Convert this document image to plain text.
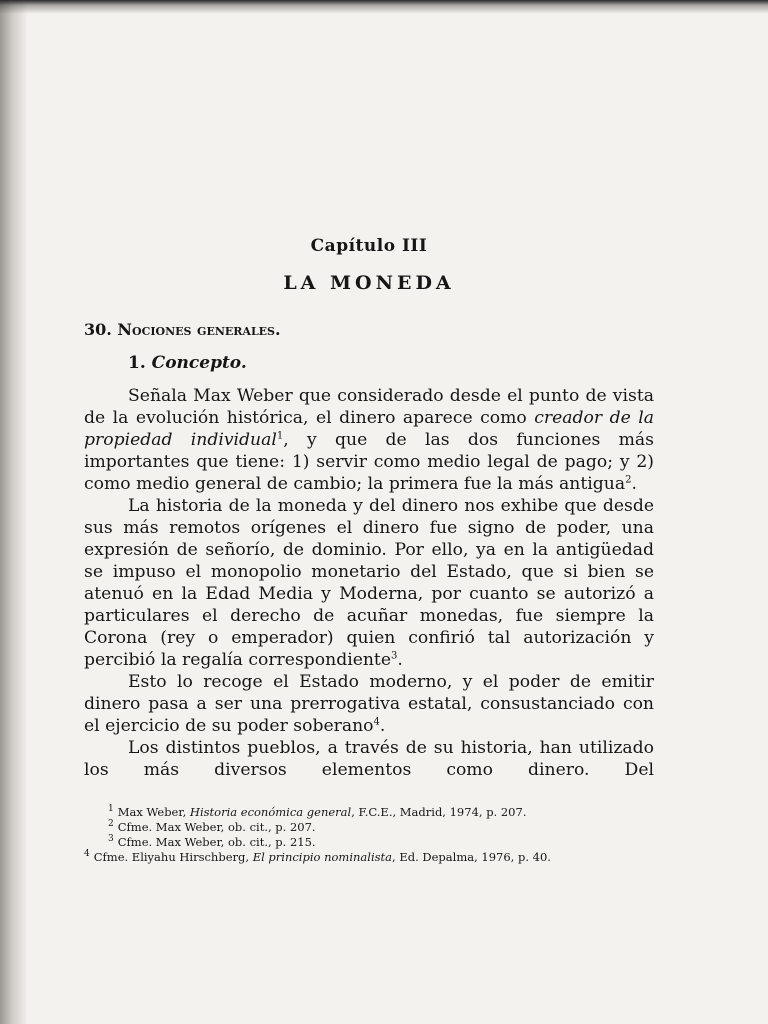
Capítulo III
LA MONEDA
30. Nociones generales.
1. Concepto.

Señala Max Weber que considerado desde el punto de vista de la evolución histórica, el dinero aparece como creador de la propiedad individual$^1$, y que de las dos funciones más importantes que tiene: 1) servir como medio legal de pago; y 2) como medio general de cambio; la primera fue la más antigua$^2$.

La historia de la moneda y del dinero nos exhibe que desde sus más remotos orígenes el dinero fue signo de poder, una expresión de señorío, de dominio. Por ello, ya en la antigüedad se impuso el monopolio monetario del Estado, que si bien se atenuó en la Edad Media y Moderna, por cuanto se autorizó a particulares el derecho de acuñar monedas, fue siempre la Corona (rey o emperador) quien confirió tal autorización y percibió la regalía correspondiente$^3$.

Esto lo recoge el Estado moderno, y el poder de emitir dinero pasa a ser una prerrogativa estatal, consustanciado con el ejercicio de su poder soberano$^4$.

Los distintos pueblos, a través de su historia, han utilizado los más diversos elementos como dinero. Del

$^1$ Max Weber, Historia económica general, F.C.E., Madrid, 1974, p. 207.

$^2$ Cfme. Max Weber, ob. cit., p. 207.

$^3$ Cfme. Max Weber, ob. cit., p. 215.

$^4$ Cfme. Eliyahu Hirschberg, El principio nominalista, Ed. Depalma, 1976, p. 40.
